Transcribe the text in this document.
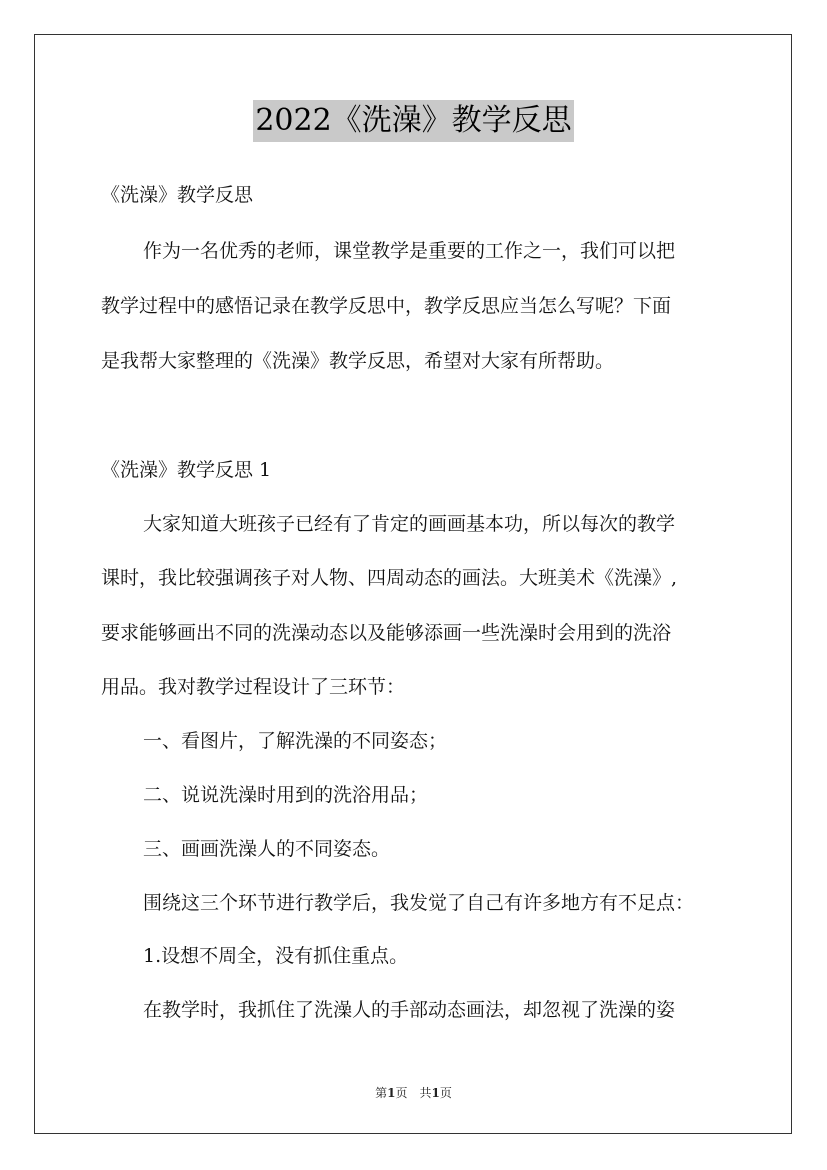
2022《洗澡》教学反思
《洗澡》教学反思
作为一名优秀的老师，课堂教学是重要的工作之一，我们可以把
教学过程中的感悟记录在教学反思中，教学反思应当怎么写呢？下面
是我帮大家整理的《洗澡》教学反思，希望对大家有所帮助。
《洗澡》教学反思 1
大家知道大班孩子已经有了肯定的画画基本功，所以每次的教学
课时，我比较强调孩子对人物、四周动态的画法。大班美术《洗澡》,
要求能够画出不同的洗澡动态以及能够添画一些洗澡时会用到的洗浴
用品。我对教学过程设计了三环节：
一、看图片，了解洗澡的不同姿态；
二、说说洗澡时用到的洗浴用品；
三、画画洗澡人的不同姿态。
围绕这三个环节进行教学后，我发觉了自己有许多地方有不足点：
1.设想不周全，没有抓住重点。
在教学时，我抓住了洗澡人的手部动态画法，却忽视了洗澡的姿
第1页　共1页
